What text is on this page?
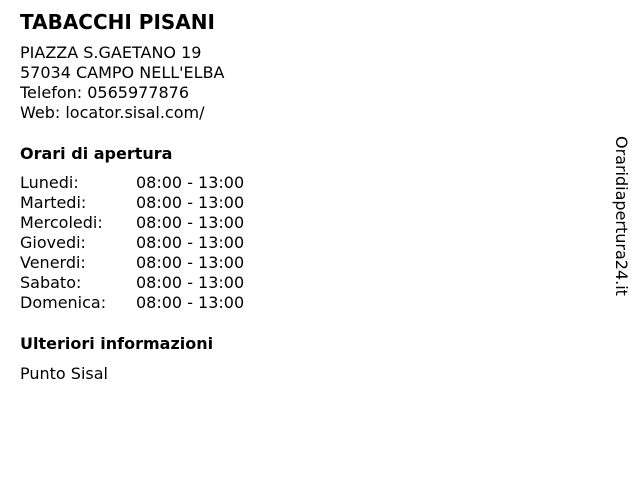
TABACCHI PISANI
PIAZZA S.GAETANO 19
57034 CAMPO NELL'ELBA
Telefon: 0565977876
Web: locator.sisal.com/
Orari di apertura
Lunedi:	08:00 - 13:00
Martedi:	08:00 - 13:00
Mercoledi:	08:00 - 13:00
Giovedi:	08:00 - 13:00
Venerdi:	08:00 - 13:00
Sabato:	08:00 - 13:00
Domenica:	08:00 - 13:00
Ulteriori informazioni
Punto Sisal
Oraridiapertura24.it
